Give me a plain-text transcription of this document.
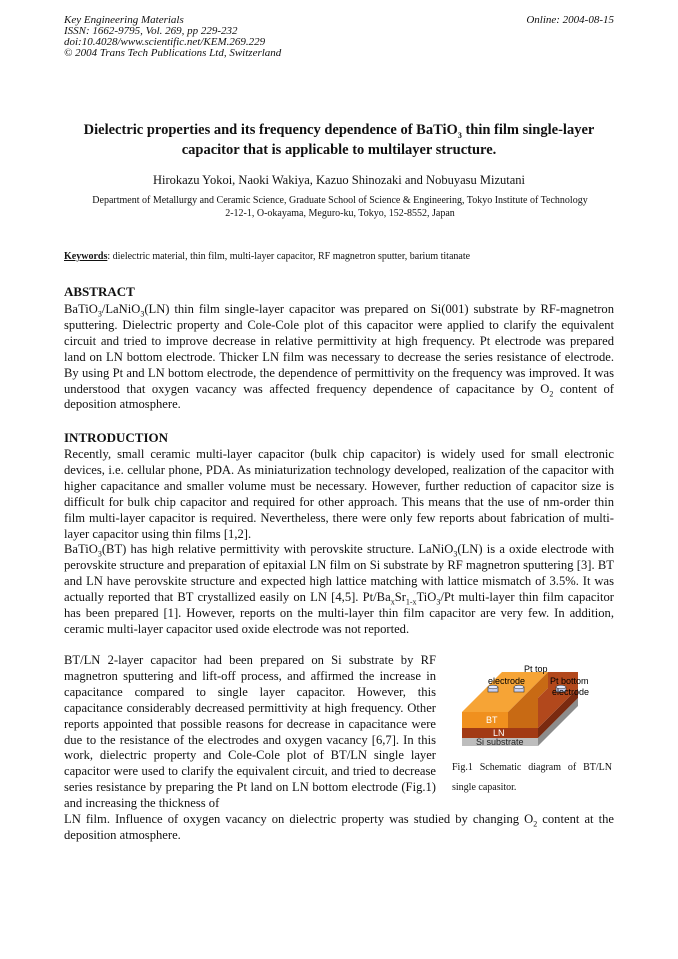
Key Engineering Materials
ISSN: 1662-9795, Vol. 269, pp 229-232
doi:10.4028/www.scientific.net/KEM.269.229
© 2004 Trans Tech Publications Ltd, Switzerland
Online: 2004-08-15
Dielectric properties and its frequency dependence of BaTiO$_3$ thin film single-layer capacitor that is applicable to multilayer structure.
Hirokazu Yokoi, Naoki Wakiya, Kazuo Shinozaki and Nobuyasu Mizutani
Department of Metallurgy and Ceramic Science, Graduate School of Science & Engineering, Tokyo Institute of Technology
2-12-1, O-okayama, Meguro-ku, Tokyo, 152-8552, Japan
Keywords: dielectric material, thin film, multi-layer capacitor, RF magnetron sputter, barium titanate
ABSTRACT

BaTiO$_3$/LaNiO$_3$(LN) thin film single-layer capacitor was prepared on Si(001) substrate by RF-magnetron sputtering. Dielectric property and Cole-Cole plot of this capacitor were applied to clarify the equivalent circuit and tried to improve decrease in relative permittivity at high frequency. Pt electrode was prepared land on LN bottom electrode. Thicker LN film was necessary to decrease the series resistance of electrode. By using Pt and LN bottom electrode, the dependence of permittivity on the frequency was improved. It was understood that oxygen vacancy was affected frequency dependence of capacitance by $O_2$ content of deposition atmosphere.

INTRODUCTION

Recently, small ceramic multi-layer capacitor (bulk chip capacitor) is widely used for small electronic devices, i.e. cellular phone, PDA. As miniaturization technology developed, realization of the capacitor with higher capacitance and smaller volume must be necessary. However, further reduction of capacitor size is difficult for bulk chip capacitor and required for other approach. This means that the use of nm-order thin film multi-layer capacitor is required. Nevertheless, there were only few reports about fabrication of multi-layer capacitor using thin films [1,2].

BaTiO$_3$(BT) has high relative permittivity with perovskite structure. LaNiO$_3$(LN) is a oxide electrode with perovskite structure and preparation of epitaxial LN film on Si substrate by RF magnetron sputtering [3]. BT and LN have perovskite structure and expected high lattice matching with lattice mismatch of 3.5%. It was actually reported that BT crystallized easily on LN [4,5]. $Pt/Ba_xSr_{1-x}TiO_3/Pt$ multi-layer thin film capacitor has been prepared [1]. However, reports on the multi-layer thin film capacitor are very few. In addition, ceramic multi-layer capacitor used oxide electrode was not reported.

BT/LN 2-layer capacitor had been prepared on Si substrate by RF magnetron sputtering and lift-off process, and affirmed the increase in capacitance compared to single layer capacitor. However, this capacitance considerably decreased permittivity at high frequency. Other reports appointed that possible reasons for decrease in capacitance were due to the resistance of the electrodes and oxygen vacancy [6,7]. In this work, dielectric property and Cole-Cole plot of BT/LN single layer capacitor were used to clarify the equivalent circuit, and tried to decrease series resistance by preparing the Pt land on LN bottom electrode (Fig.1) and increasing the thickness of

LN film. Influence of oxygen vacancy on dielectric property was studied by changing $O_2$ content at the deposition atmosphere.

Pt top
electrode	Pt bottom
electrode
BT
LN
Si substrate
Fig.1 Schematic diagram of BT/LN single capasitor.
